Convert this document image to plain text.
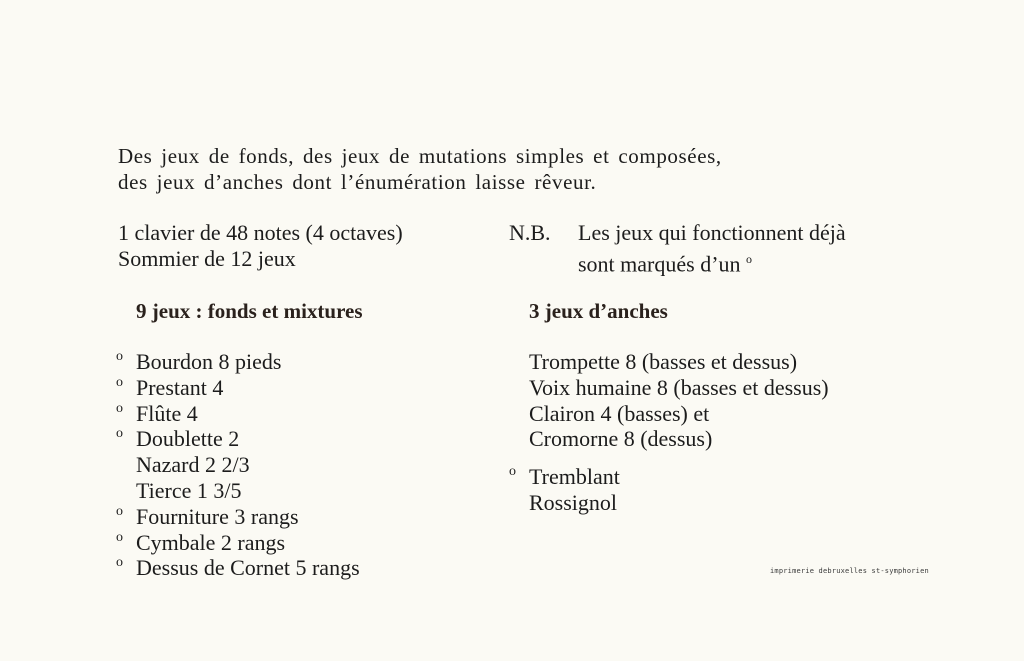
Des jeux de fonds, des jeux de mutations simples et composées,
des jeux d’anches dont l’énumération laisse rêveur.
1 clavier de 48 notes (4 octaves)
Sommier de 12 jeux
N.B. Les jeux qui fonctionnent déjà
sont marqués d’un $^o$
9 jeux : fonds et mixtures	3 jeux d’anches
o Bourdon 8 pieds
o Prestant 4
o Flûte 4
o Doublette 2
Nazard 2 2/3
Tierce 1 3/5
o Fourniture 3 rangs
o Cymbale 2 rangs
o Dessus de Cornet 5 rangs
Trompette 8 (basses et dessus)
Voix humaine 8 (basses et dessus)
Clairon 4 (basses) et
Cromorne 8 (dessus)
o Tremblant
Rossignol
imprimerie debruxelles st-symphorien
